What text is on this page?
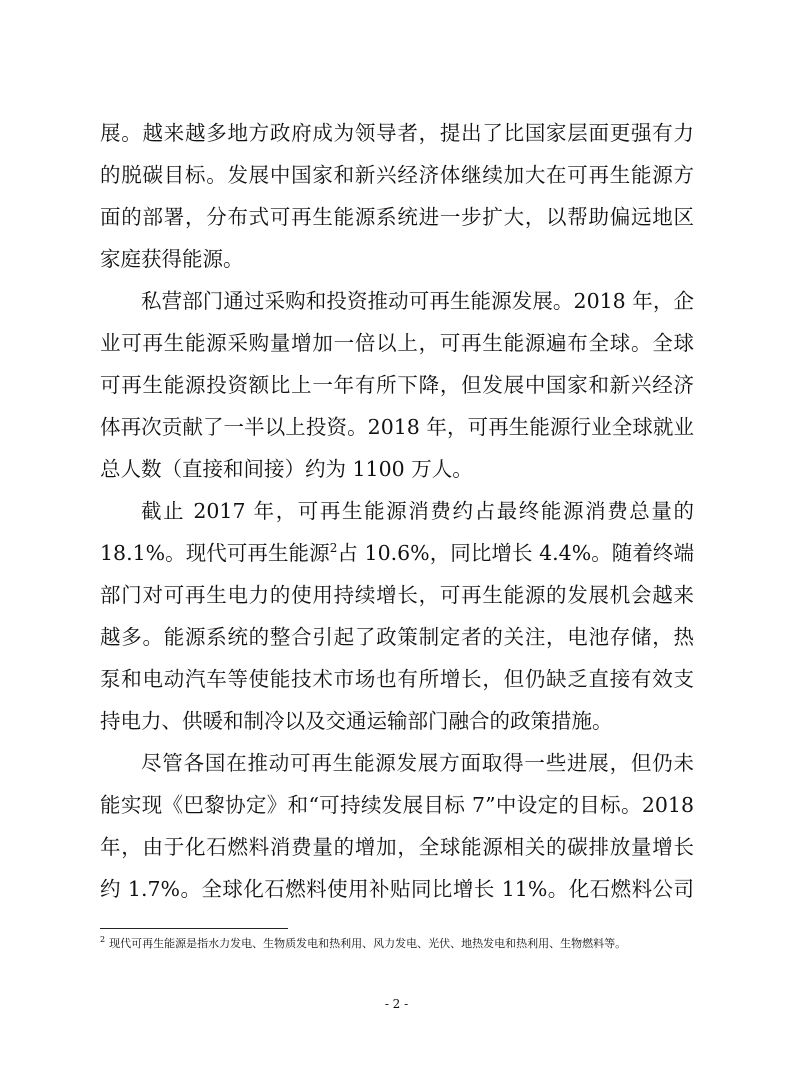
展。越来越多地方政府成为领导者，提出了比国家层面更强有力
的脱碳目标。发展中国家和新兴经济体继续加大在可再生能源方
面的部署，分布式可再生能源系统进一步扩大，以帮助偏远地区
家庭获得能源。
私营部门通过采购和投资推动可再生能源发展。2018 年，企
业可再生能源采购量增加一倍以上，可再生能源遍布全球。全球
可再生能源投资额比上一年有所下降，但发展中国家和新兴经济
体再次贡献了一半以上投资。2018 年，可再生能源行业全球就业
总人数（直接和间接）约为 1100 万人。
截止 2017 年，可再生能源消费约占最终能源消费总量的
18.1%。现代可再生能源$^2$占 10.6%，同比增长 4.4%。随着终端
部门对可再生电力的使用持续增长，可再生能源的发展机会越来
越多。能源系统的整合引起了政策制定者的关注，电池存储，热
泵和电动汽车等使能技术市场也有所增长，但仍缺乏直接有效支
持电力、供暖和制冷以及交通运输部门融合的政策措施。
尽管各国在推动可再生能源发展方面取得一些进展，但仍未
能实现《巴黎协定》和“可持续发展目标 7”中设定的目标。2018
年，由于化石燃料消费量的增加，全球能源相关的碳排放量增长
约 1.7%。全球化石燃料使用补贴同比增长 11%。化石燃料公司
$^2$ 现代可再生能源是指水力发电、生物质发电和热利用、风力发电、光伏、地热发电和热利用、生物燃料等。
- 2 -
